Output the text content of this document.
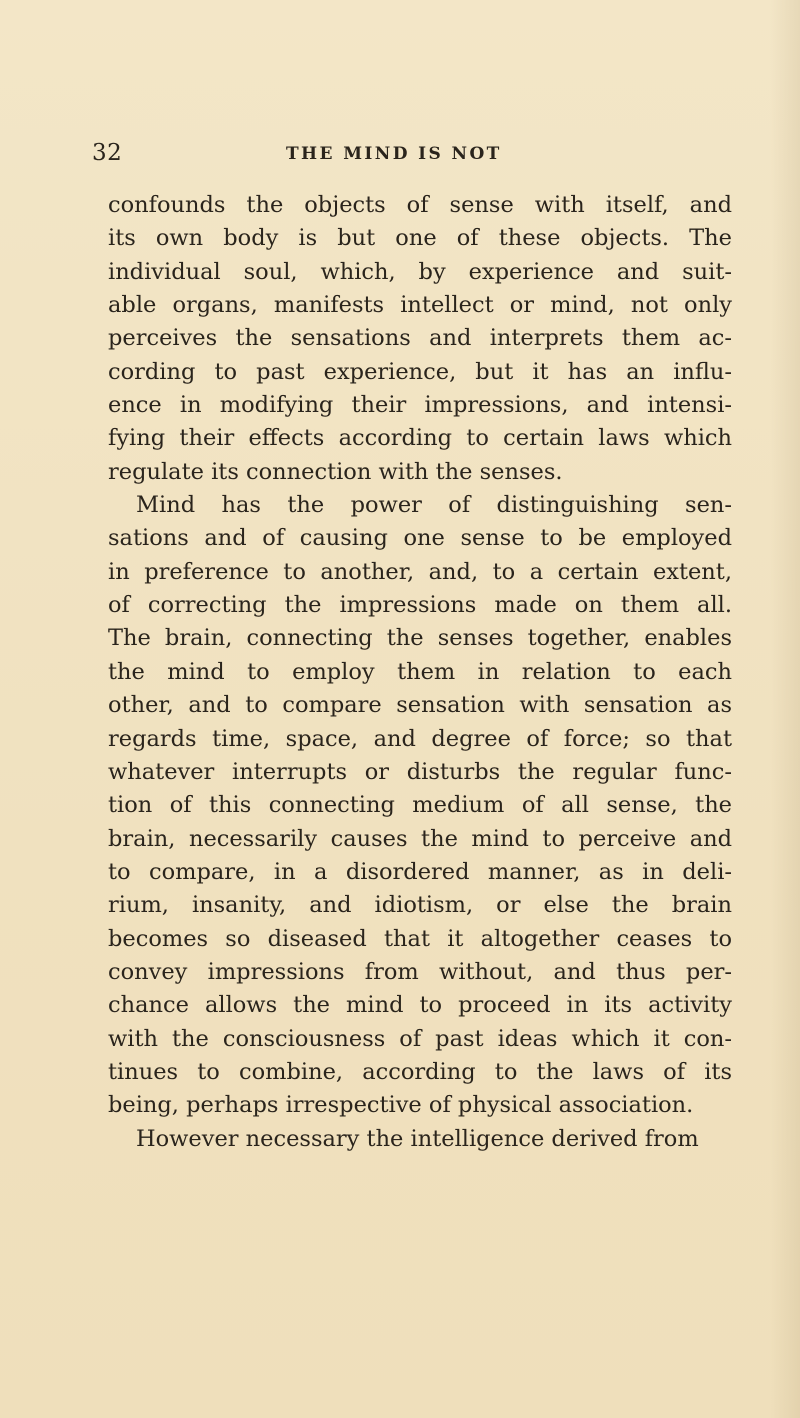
32	THE MIND IS NOT
confounds the objects of sense with itself, and
its own body is but one of these objects. The
individual soul, which, by experience and suit-
able organs, manifests intellect or mind, not only
perceives the sensations and interprets them ac-
cording to past experience, but it has an influ-
ence in modifying their impressions, and intensi-
fying their effects according to certain laws which
regulate its connection with the senses.
Mind has the power of distinguishing sen-
sations and of causing one sense to be employed
in preference to another, and, to a certain extent,
of correcting the impressions made on them all.
The brain, connecting the senses together, enables
the mind to employ them in relation to each
other, and to compare sensation with sensation as
regards time, space, and degree of force; so that
whatever interrupts or disturbs the regular func-
tion of this connecting medium of all sense, the
brain, necessarily causes the mind to perceive and
to compare, in a disordered manner, as in deli-
rium, insanity, and idiotism, or else the brain
becomes so diseased that it altogether ceases to
convey impressions from without, and thus per-
chance allows the mind to proceed in its activity
with the consciousness of past ideas which it con-
tinues to combine, according to the laws of its
being, perhaps irrespective of physical association.
However necessary the intelligence derived from
